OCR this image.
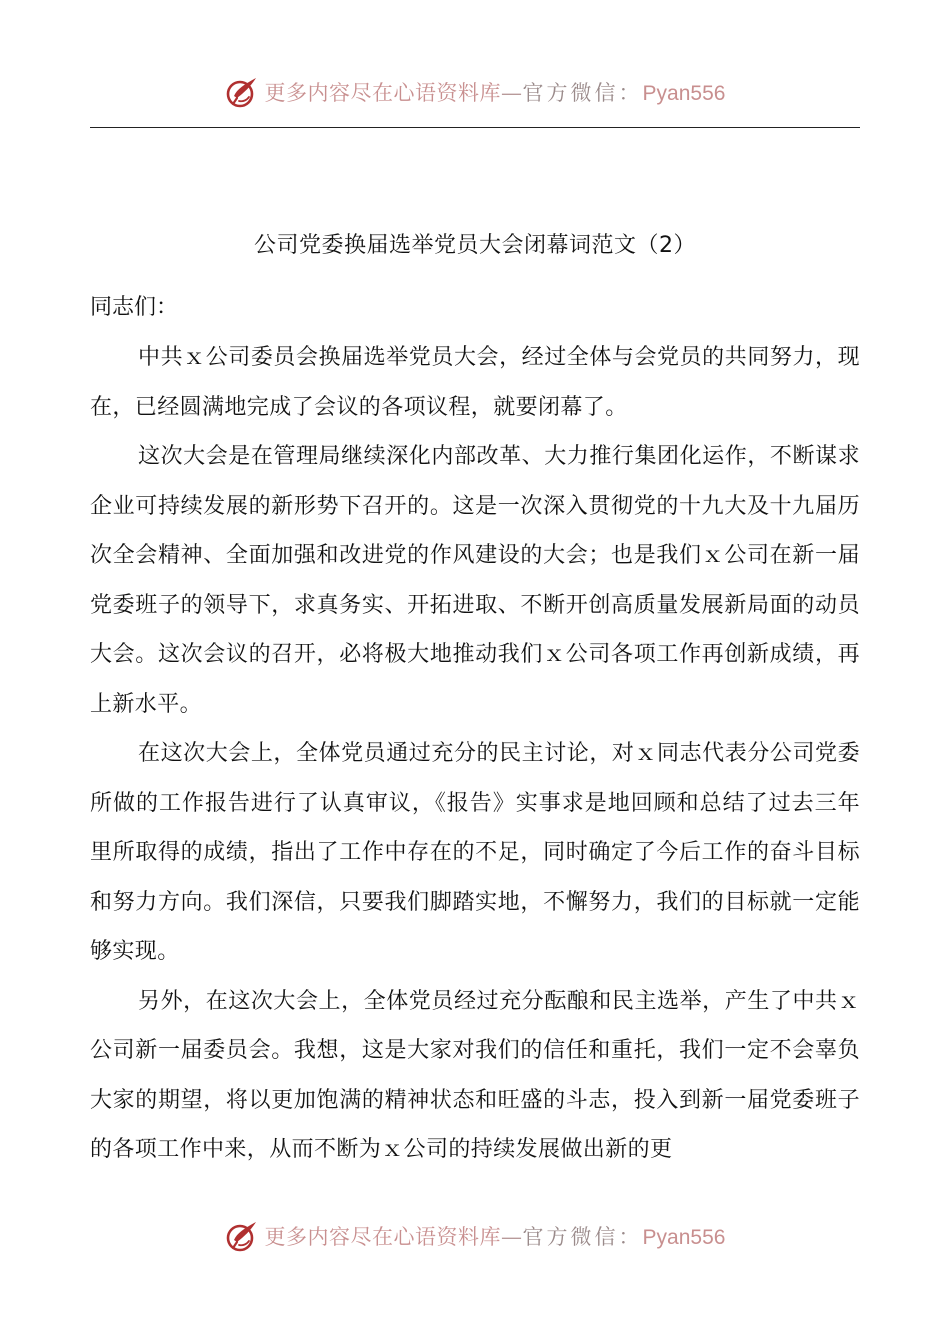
更多内容尽在心语资料库—官方微信：Pyan556
公司党委换届选举党员大会闭幕词范文（2）

同志们：

中共ｘ公司委员会换届选举党员大会，经过全体与会党员的共同努力，现在，已经圆满地完成了会议的各项议程，就要闭幕了。

这次大会是在管理局继续深化内部改革、大力推行集团化运作，不断谋求企业可持续发展的新形势下召开的。这是一次深入贯彻党的十九大及十九届历次全会精神、全面加强和改进党的作风建设的大会；也是我们ｘ公司在新一届党委班子的领导下，求真务实、开拓进取、不断开创高质量发展新局面的动员大会。这次会议的召开，必将极大地推动我们ｘ公司各项工作再创新成绩，再上新水平。

在这次大会上，全体党员通过充分的民主讨论，对ｘ同志代表分公司党委所做的工作报告进行了认真审议，《报告》实事求是地回顾和总结了过去三年里所取得的成绩，指出了工作中存在的不足，同时确定了今后工作的奋斗目标和努力方向。我们深信，只要我们脚踏实地，不懈努力，我们的目标就一定能够实现。

另外，在这次大会上，全体党员经过充分酝酿和民主选举，产生了中共ｘ公司新一届委员会。我想，这是大家对我们的信任和重托，我们一定不会辜负大家的期望，将以更加饱满的精神状态和旺盛的斗志，投入到新一届党委班子的各项工作中来，从而不断为ｘ公司的持续发展做出新的更

更多内容尽在心语资料库—官方微信：Pyan556
